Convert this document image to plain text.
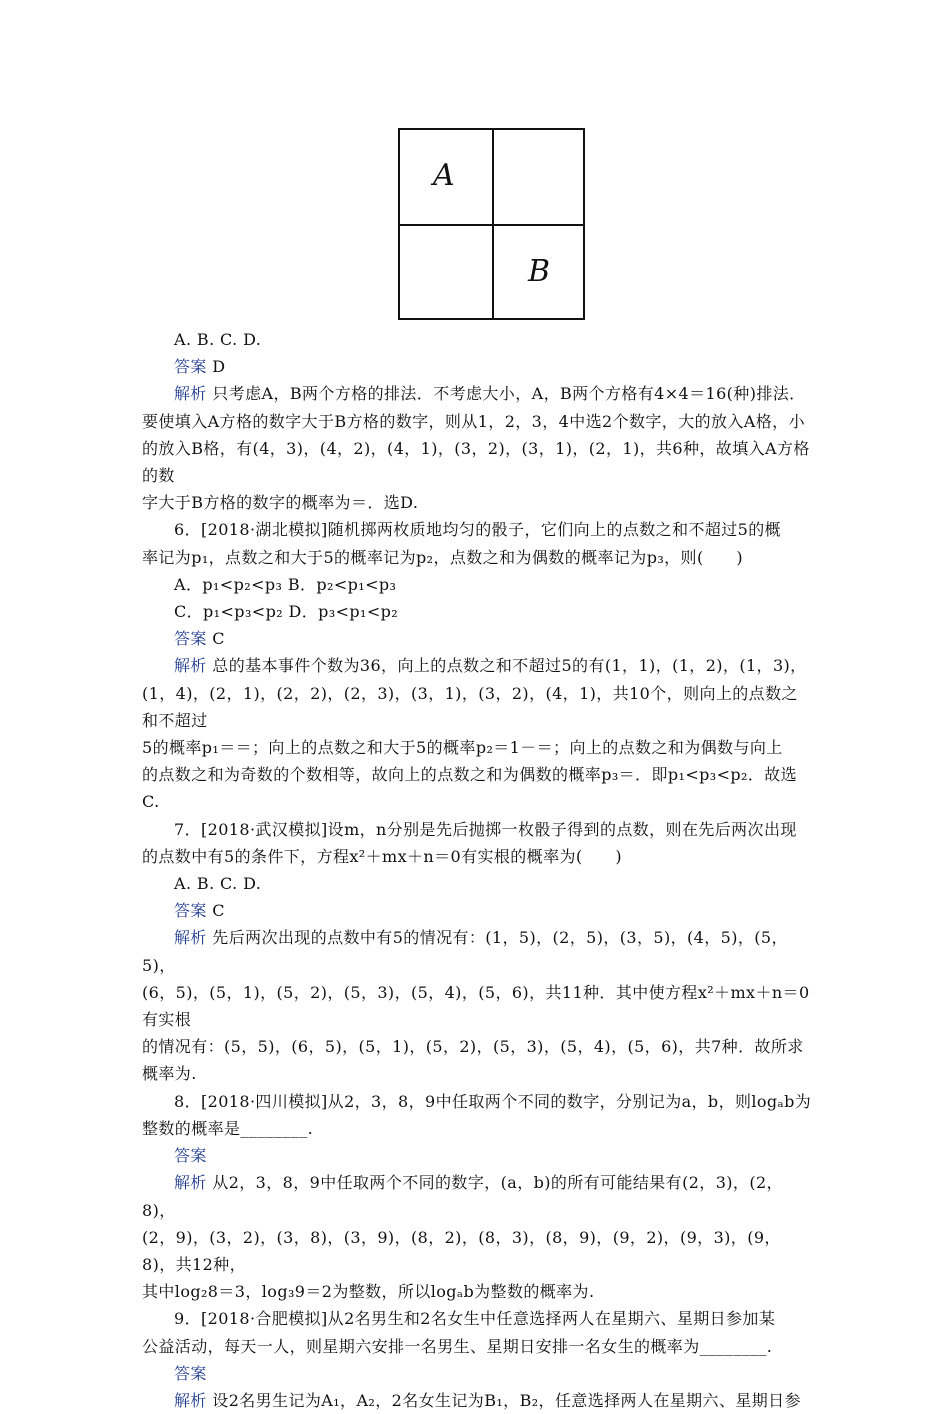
A
B

A. B. C. D.

答案 D

解析 只考虑A，B两个方格的排法．不考虑大小，A，B两个方格有4×4＝16(种)排法．

要使填入A方格的数字大于B方格的数字，则从1，2，3，4中选2个数字，大的放入A格，小

的放入B格，有(4，3)，(4，2)，(4，1)，(3，2)，(3，1)，(2，1)，共6种，故填入A方格的数

字大于B方格的数字的概率为＝．选D.

6．[2018·湖北模拟]随机掷两枚质地均匀的骰子，它们向上的点数之和不超过5的概

率记为p₁，点数之和大于5的概率记为p₂，点数之和为偶数的概率记为p₃，则(　　)

A．p₁<p₂<p₃ B．p₂<p₁<p₃

C．p₁<p₃<p₂ D．p₃<p₁<p₂

答案 C

解析 总的基本事件个数为36，向上的点数之和不超过5的有(1，1)，(1，2)，(1，3)，

(1，4)，(2，1)，(2，2)，(2，3)，(3，1)，(3，2)，(4，1)，共10个，则向上的点数之和不超过

5的概率p₁＝＝；向上的点数之和大于5的概率p₂＝1－＝；向上的点数之和为偶数与向上

的点数之和为奇数的个数相等，故向上的点数之和为偶数的概率p₃＝．即p₁<p₃<p₂．故选C.

7．[2018·武汉模拟]设m，n分别是先后抛掷一枚骰子得到的点数，则在先后两次出现

的点数中有5的条件下，方程x²＋mx＋n＝0有实根的概率为(　　)

A. B. C. D.

答案 C

解析 先后两次出现的点数中有5的情况有：(1，5)，(2，5)，(3，5)，(4，5)，(5，5)，

(6，5)，(5，1)，(5，2)，(5，3)，(5，4)，(5，6)，共11种．其中使方程x²＋mx＋n＝0有实根

的情况有：(5，5)，(6，5)，(5，1)，(5，2)，(5，3)，(5，4)，(5，6)，共7种．故所求概率为.

8．[2018·四川模拟]从2，3，8，9中任取两个不同的数字，分别记为a，b，则logₐb为

整数的概率是________.

答案

解析 从2，3，8，9中任取两个不同的数字，(a，b)的所有可能结果有(2，3)，(2，8)，

(2，9)，(3，2)，(3，8)，(3，9)，(8，2)，(8，3)，(8，9)，(9，2)，(9，3)，(9，8)，共12种，

其中log₂8＝3，log₃9＝2为整数，所以logₐb为整数的概率为.

9．[2018·合肥模拟]从2名男生和2名女生中任意选择两人在星期六、星期日参加某

公益活动，每天一人，则星期六安排一名男生、星期日安排一名女生的概率为________.

答案

解析 设2名男生记为A₁，A₂，2名女生记为B₁，B₂，任意选择两人在星期六、星期日参
